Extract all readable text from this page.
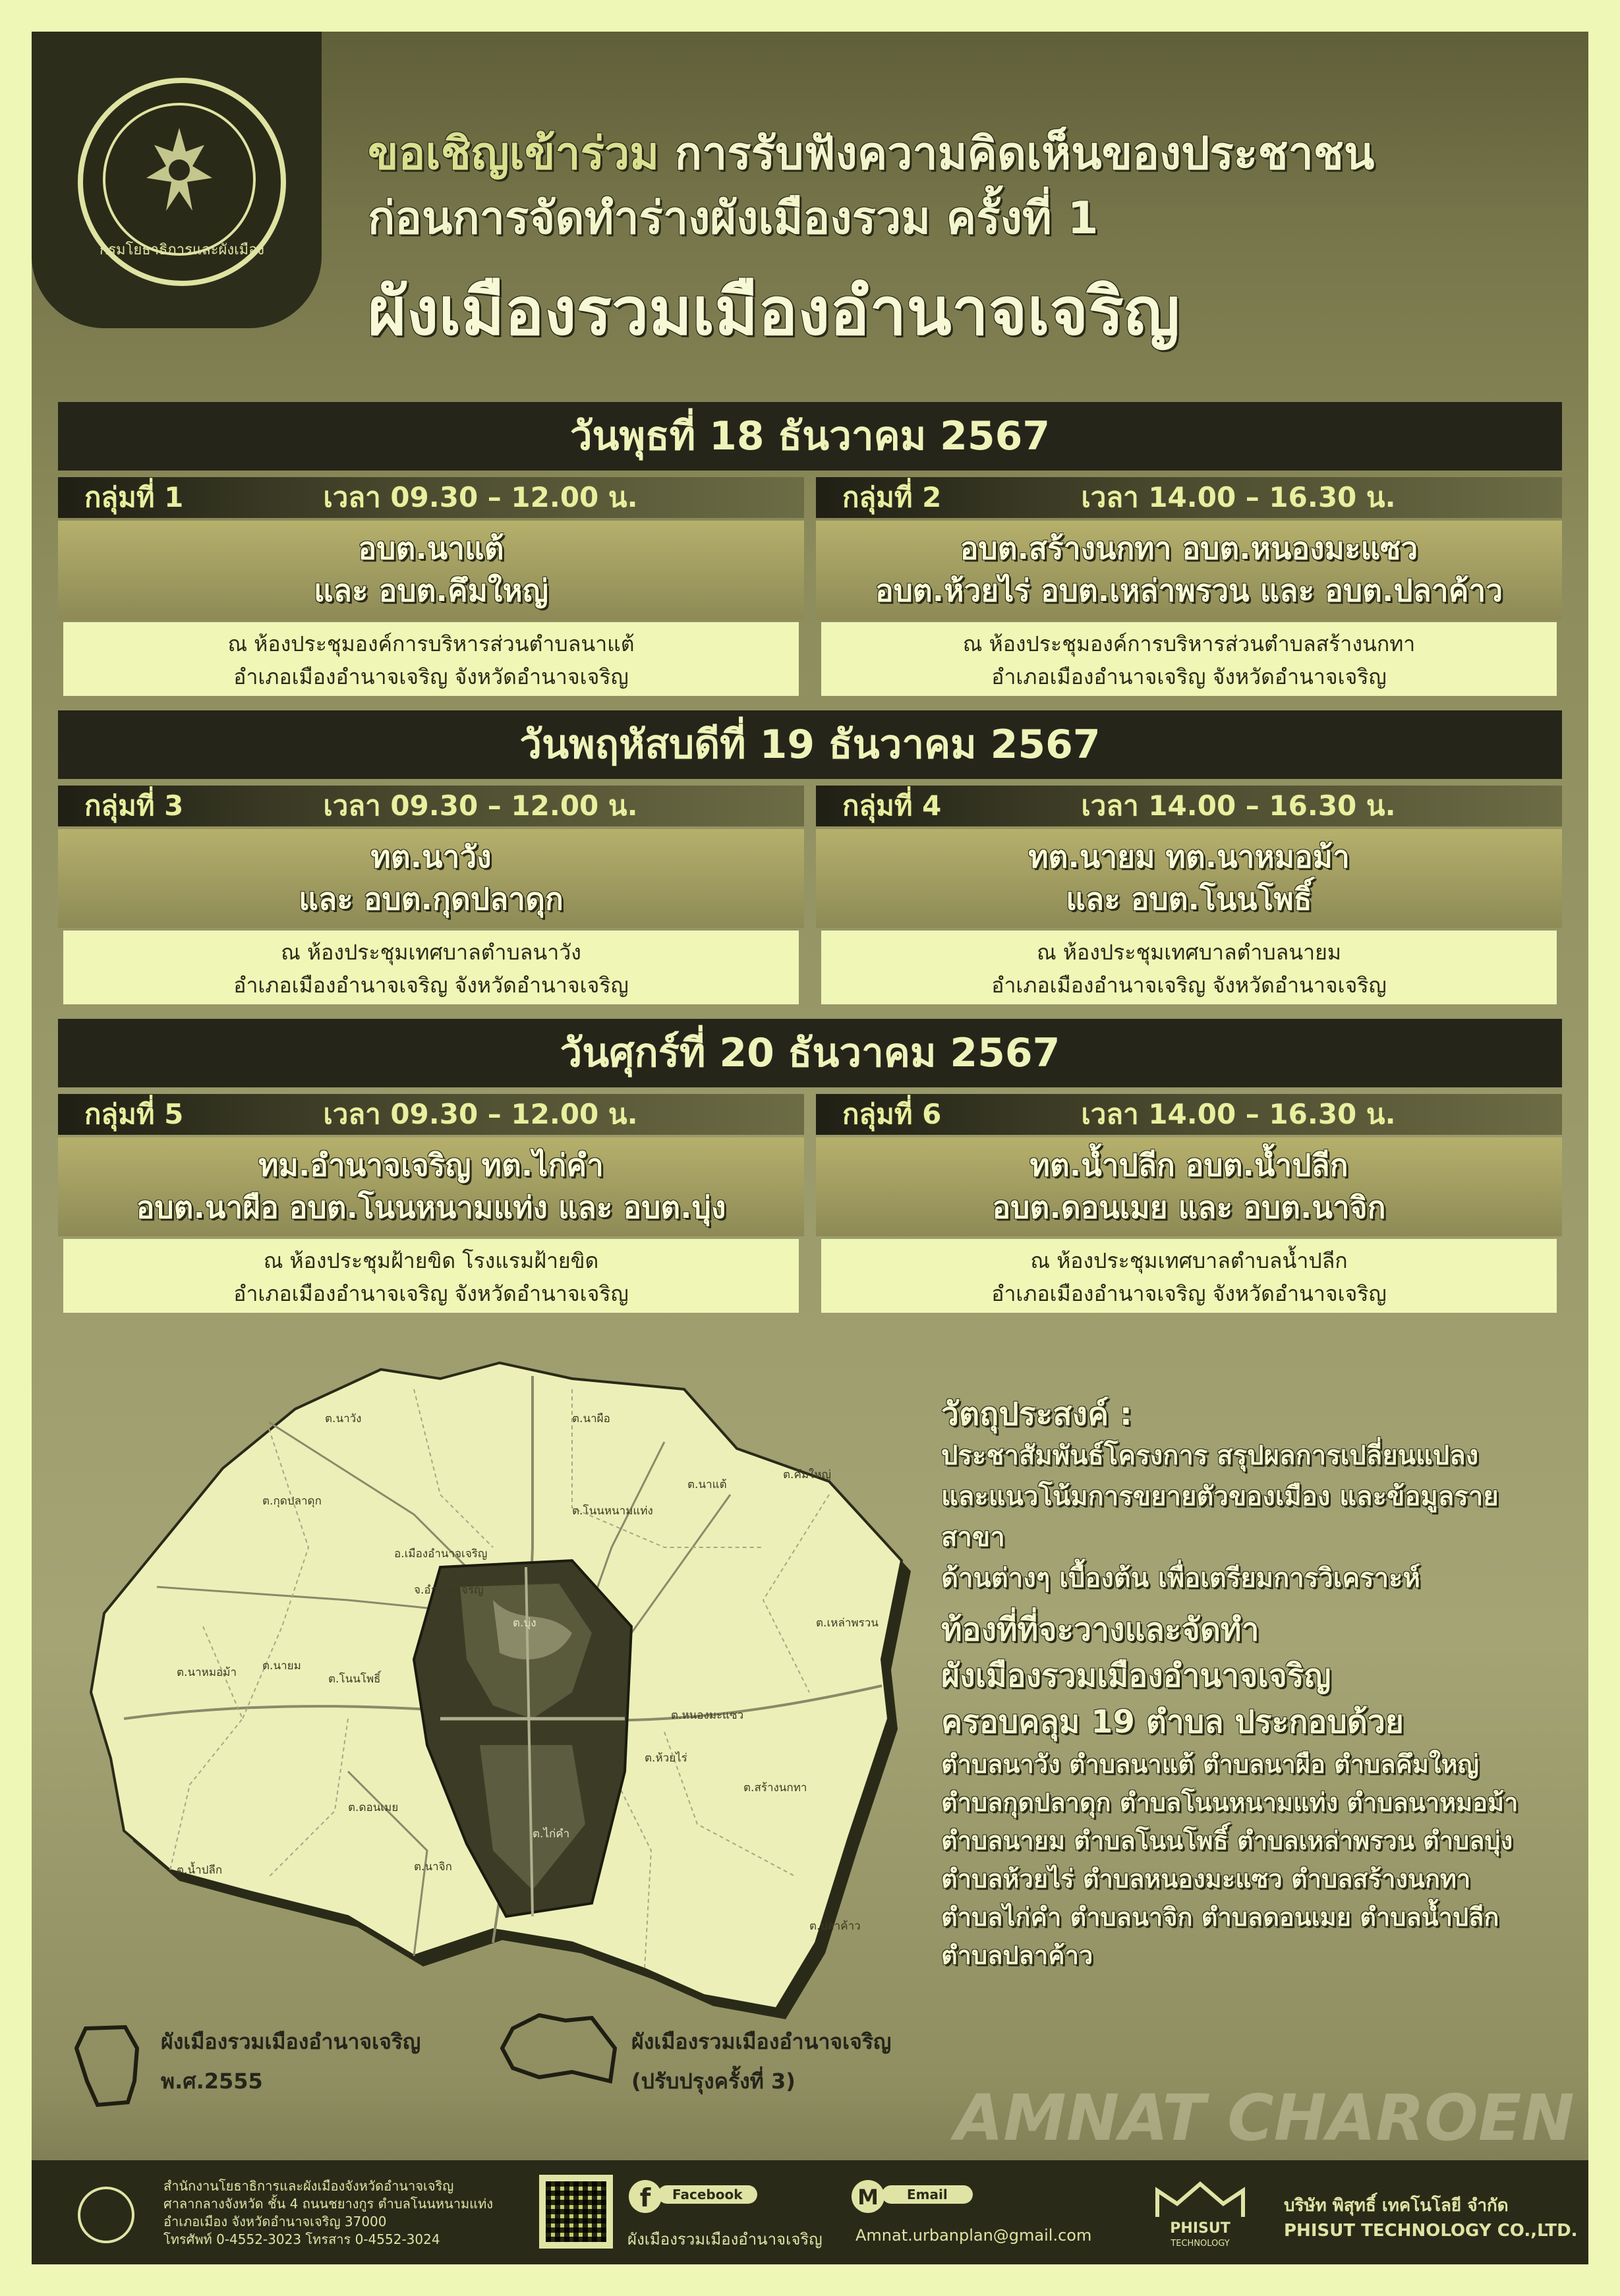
กรมโยธาธิการและผังเมือง
ขอเชิญเข้าร่วม การรับฟังความคิดเห็นของประชาชน
ก่อนการจัดทำร่างผังเมืองรวม ครั้งที่ 1
ผังเมืองรวมเมืองอำนาจเจริญ
วันพุธที่ 18 ธันวาคม 2567
กลุ่มที่ 1	เวลา 09.30 – 12.00 น.
อบต.นาแต้
และ อบต.คึมใหญ่
ณ ห้องประชุมองค์การบริหารส่วนตำบลนาแต้
อำเภอเมืองอำนาจเจริญ จังหวัดอำนาจเจริญ
กลุ่มที่ 2	เวลา 14.00 – 16.30 น.
อบต.สร้างนกทา อบต.หนองมะแซว
อบต.ห้วยไร่ อบต.เหล่าพรวน และ อบต.ปลาค้าว
ณ ห้องประชุมองค์การบริหารส่วนตำบลสร้างนกทา
อำเภอเมืองอำนาจเจริญ จังหวัดอำนาจเจริญ
วันพฤหัสบดีที่ 19 ธันวาคม 2567
กลุ่มที่ 3	เวลา 09.30 – 12.00 น.
ทต.นาวัง
และ อบต.กุดปลาดุก
ณ ห้องประชุมเทศบาลตำบลนาวัง
อำเภอเมืองอำนาจเจริญ จังหวัดอำนาจเจริญ
กลุ่มที่ 4	เวลา 14.00 – 16.30 น.
ทต.นายม ทต.นาหมอม้า
และ อบต.โนนโพธิ์
ณ ห้องประชุมเทศบาลตำบลนายม
อำเภอเมืองอำนาจเจริญ จังหวัดอำนาจเจริญ
วันศุกร์ที่ 20 ธันวาคม 2567
กลุ่มที่ 5	เวลา 09.30 – 12.00 น.
ทม.อำนาจเจริญ ทต.ไก่คำ
อบต.นาผือ อบต.โนนหนามแท่ง และ อบต.บุ่ง
ณ ห้องประชุมฝ้ายขิด โรงแรมฝ้ายขิด
อำเภอเมืองอำนาจเจริญ จังหวัดอำนาจเจริญ
กลุ่มที่ 6	เวลา 14.00 – 16.30 น.
ทต.น้ำปลีก อบต.น้ำปลีก
อบต.ดอนเมย และ อบต.นาจิก
ณ ห้องประชุมเทศบาลตำบลน้ำปลีก
อำเภอเมืองอำนาจเจริญ จังหวัดอำนาจเจริญ
ต.นาวัง	ต.นาผือ
ต.นาแต้
ต.คึมใหญ่
ต.กุดปลาดุก
ต.โนนหนามแท่ง
อ.เมืองอำนาจเจริญ
จ.อำนาจเจริญ
ต.นาหมอม้า ต.นายม
ต.โนนโพธิ์
ต.เหล่าพรวน
ต.หนองมะแซว
ต.ห้วยไร่
ต.สร้างนกทา
ต.ดอนเมย
ต.น้ำปลีก	ต.นาจิก
ต.ปลาค้าว
ต.บุ่ง
ต.ไก่คำ
วัตถุประสงค์ :
ประชาสัมพันธ์โครงการ สรุปผลการเปลี่ยนแปลง
และแนวโน้มการขยายตัวของเมือง และข้อมูลรายสาขา
ด้านต่างๆ เบื้องต้น เพื่อเตรียมการวิเคราะห์
ท้องที่ที่จะวางและจัดทำ
ผังเมืองรวมเมืองอำนาจเจริญ
ครอบคลุม 19 ตำบล ประกอบด้วย
ตำบลนาวัง ตำบลนาแต้ ตำบลนาผือ ตำบลคึมใหญ่
ตำบลกุดปลาดุก ตำบลโนนหนามแท่ง ตำบลนาหมอม้า
ตำบลนายม ตำบลโนนโพธิ์ ตำบลเหล่าพรวน ตำบลบุ่ง
ตำบลห้วยไร่ ตำบลหนองมะแซว ตำบลสร้างนกทา
ตำบลไก่คำ ตำบลนาจิก ตำบลดอนเมย ตำบลน้ำปลีก
ตำบลปลาค้าว
ผังเมืองรวมเมืองอำนาจเจริญ
พ.ศ.2555
ผังเมืองรวมเมืองอำนาจเจริญ
(ปรับปรุงครั้งที่ 3)	AMNAT CHAROEN
สำนักงานโยธาธิการและผังเมืองจังหวัดอำนาจเจริญ
ศาลากลางจังหวัด ชั้น 4 ถนนชยางกูร ตำบลโนนหนามแท่ง
อำเภอเมือง จังหวัดอำนาจเจริญ 37000
โทรศัพท์ 0-4552-3023 โทรสาร 0-4552-3024
f	Facebook
ผังเมืองรวมเมืองอำนาจเจริญ
M	Email
Amnat.urbanplan@gmail.com	PHISUT
TECHNOLOGY
บริษัท พิสุทธิ์ เทคโนโลยี จำกัด
PHISUT TECHNOLOGY CO.,LTD.
